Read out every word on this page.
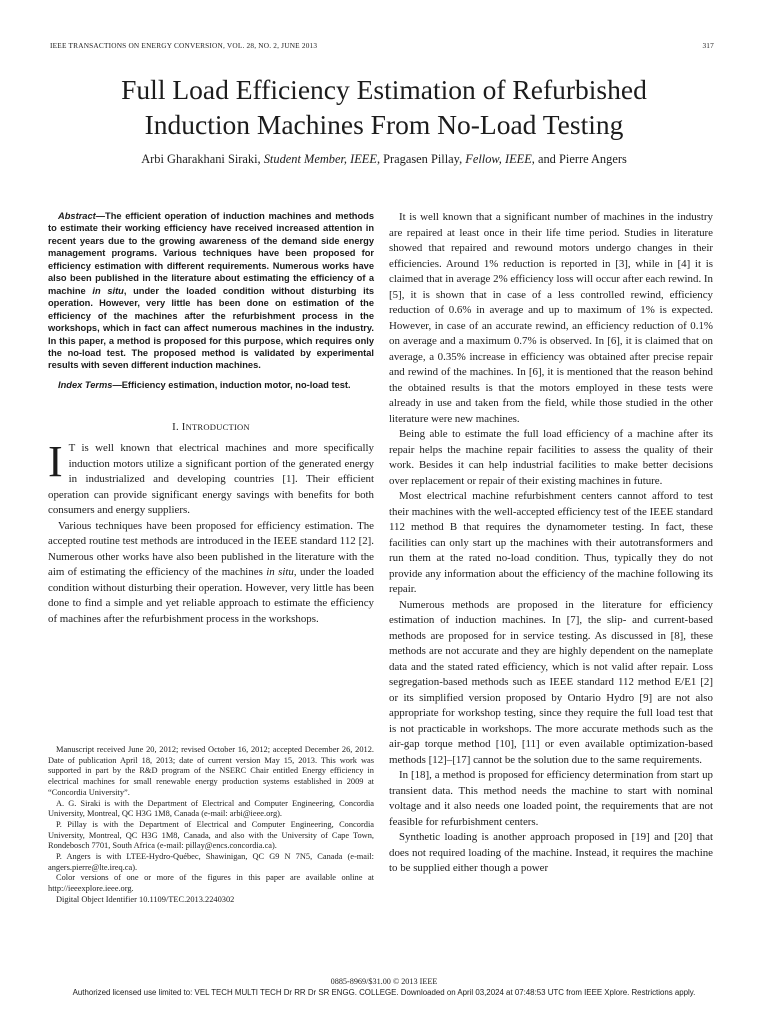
IEEE TRANSACTIONS ON ENERGY CONVERSION, VOL. 28, NO. 2, JUNE 2013	317
Full Load Efficiency Estimation of Refurbished
Induction Machines From No-Load Testing
Arbi Gharakhani Siraki, Student Member, IEEE, Pragasen Pillay, Fellow, IEEE, and Pierre Angers

Abstract—The efficient operation of induction machines and methods to estimate their working efficiency have received increased attention in recent years due to the growing awareness of the demand side energy management programs. Various techniques have been proposed for efficiency estimation with different requirements. Numerous works have also been published in the literature about estimating the efficiency of a machine in situ, under the loaded condition without disturbing its operation. However, very little has been done on estimation of the efficiency of the machines after the refurbishment process in the workshops, which in fact can affect numerous machines in the industry. In this paper, a method is proposed for this purpose, which requires only the no-load test. The proposed method is validated by experimental results with seven different induction machines.

Index Terms—Efficiency estimation, induction motor, no-load test.

I. INTRODUCTION

I T is well known that electrical machines and more specifically induction motors utilize a significant portion of the generated energy in industrialized and developing countries [1]. Their efficient operation can provide significant energy savings with benefits for both consumers and energy suppliers.

Various techniques have been proposed for efficiency estimation. The accepted routine test methods are introduced in the IEEE standard 112 [2]. Numerous other works have also been published in the literature with the aim of estimating the efficiency of the machines in situ, under the loaded condition without disturbing their operation. However, very little has been done to find a simple and yet reliable approach to estimate the efficiency of machines after the refurbishment process in the workshops.

Manuscript received June 20, 2012; revised October 16, 2012; accepted December 26, 2012. Date of publication April 18, 2013; date of current version May 15, 2013. This work was supported in part by the R&D program of the NSERC Chair entitled Energy efficiency in electrical machines for small renewable energy production systems established in 2009 at “Concordia University”.

A. G. Siraki is with the Department of Electrical and Computer Engineering, Concordia University, Montreal, QC H3G 1M8, Canada (e-mail: arbi@ieee.org).

P. Pillay is with the Department of Electrical and Computer Engineering, Concordia University, Montreal, QC H3G 1M8, Canada, and also with the University of Cape Town, Rondebosch 7701, South Africa (e-mail: pillay@encs.concordia.ca).

P. Angers is with LTEE-Hydro-Québec, Shawinigan, QC G9 N 7N5, Canada (e-mail: angers.pierre@lte.ireq.ca).

Color versions of one or more of the figures in this paper are available online at http://ieeexplore.ieee.org.

Digital Object Identifier 10.1109/TEC.2013.2240302

It is well known that a significant number of machines in the industry are repaired at least once in their life time period. Studies in literature showed that repaired and rewound motors undergo changes in their efficiencies. Around 1% reduction is reported in [3], while in [4] it is claimed that in average 2% efficiency loss will occur after each rewind. In [5], it is shown that in case of a less controlled rewind, efficiency reduction of 0.6% in average and up to maximum of 1% is expected. However, in case of an accurate rewind, an efficiency reduction of 0.1% on average and a maximum 0.7% is observed. In [6], it is claimed that on average, a 0.35% increase in efficiency was obtained after precise repair and rewind of the machines. In [6], it is mentioned that the reason behind the obtained results is that the motors employed in these tests were already in use and taken from the field, while those studied in the other literature were new machines.

Being able to estimate the full load efficiency of a machine after its repair helps the machine repair facilities to assess the quality of their work. Besides it can help industrial facilities to make better decisions over replacement or repair of their existing machines in future.

Most electrical machine refurbishment centers cannot afford to test their machines with the well-accepted efficiency test of the IEEE standard 112 method B that requires the dynamometer testing. In fact, these facilities can only start up the machines with their autotransformers and run them at the rated no-load condition. Thus, typically they do not provide any information about the efficiency of the machine following its repair.

Numerous methods are proposed in the literature for efficiency estimation of induction machines. In [7], the slip- and current-based methods are proposed for in service testing. As discussed in [8], these methods are not accurate and they are highly dependent on the nameplate data and the stated rated efficiency, which is not valid after repair. Loss segregation-based methods such as IEEE standard 112 method E/E1 [2] or its simplified version proposed by Ontario Hydro [9] are not also appropriate for workshop testing, since they require the full load test that is not practicable in workshops. The more accurate methods such as the air-gap torque method [10], [11] or even available optimization-based methods [12]–[17] cannot be the solution due to the same requirements.

In [18], a method is proposed for efficiency determination from start up transient data. This method needs the machine to start with nominal voltage and it also needs one loaded point, the requirements that are not feasible for refurbishment centers.

Synthetic loading is another approach proposed in [19] and [20] that does not required loading of the machine. Instead, it requires the machine to be supplied either though a power

0885-8969/$31.00 © 2013 IEEE
Authorized licensed use limited to: VEL TECH MULTI TECH Dr RR Dr SR ENGG. COLLEGE. Downloaded on April 03,2024 at 07:48:53 UTC from IEEE Xplore. Restrictions apply.
